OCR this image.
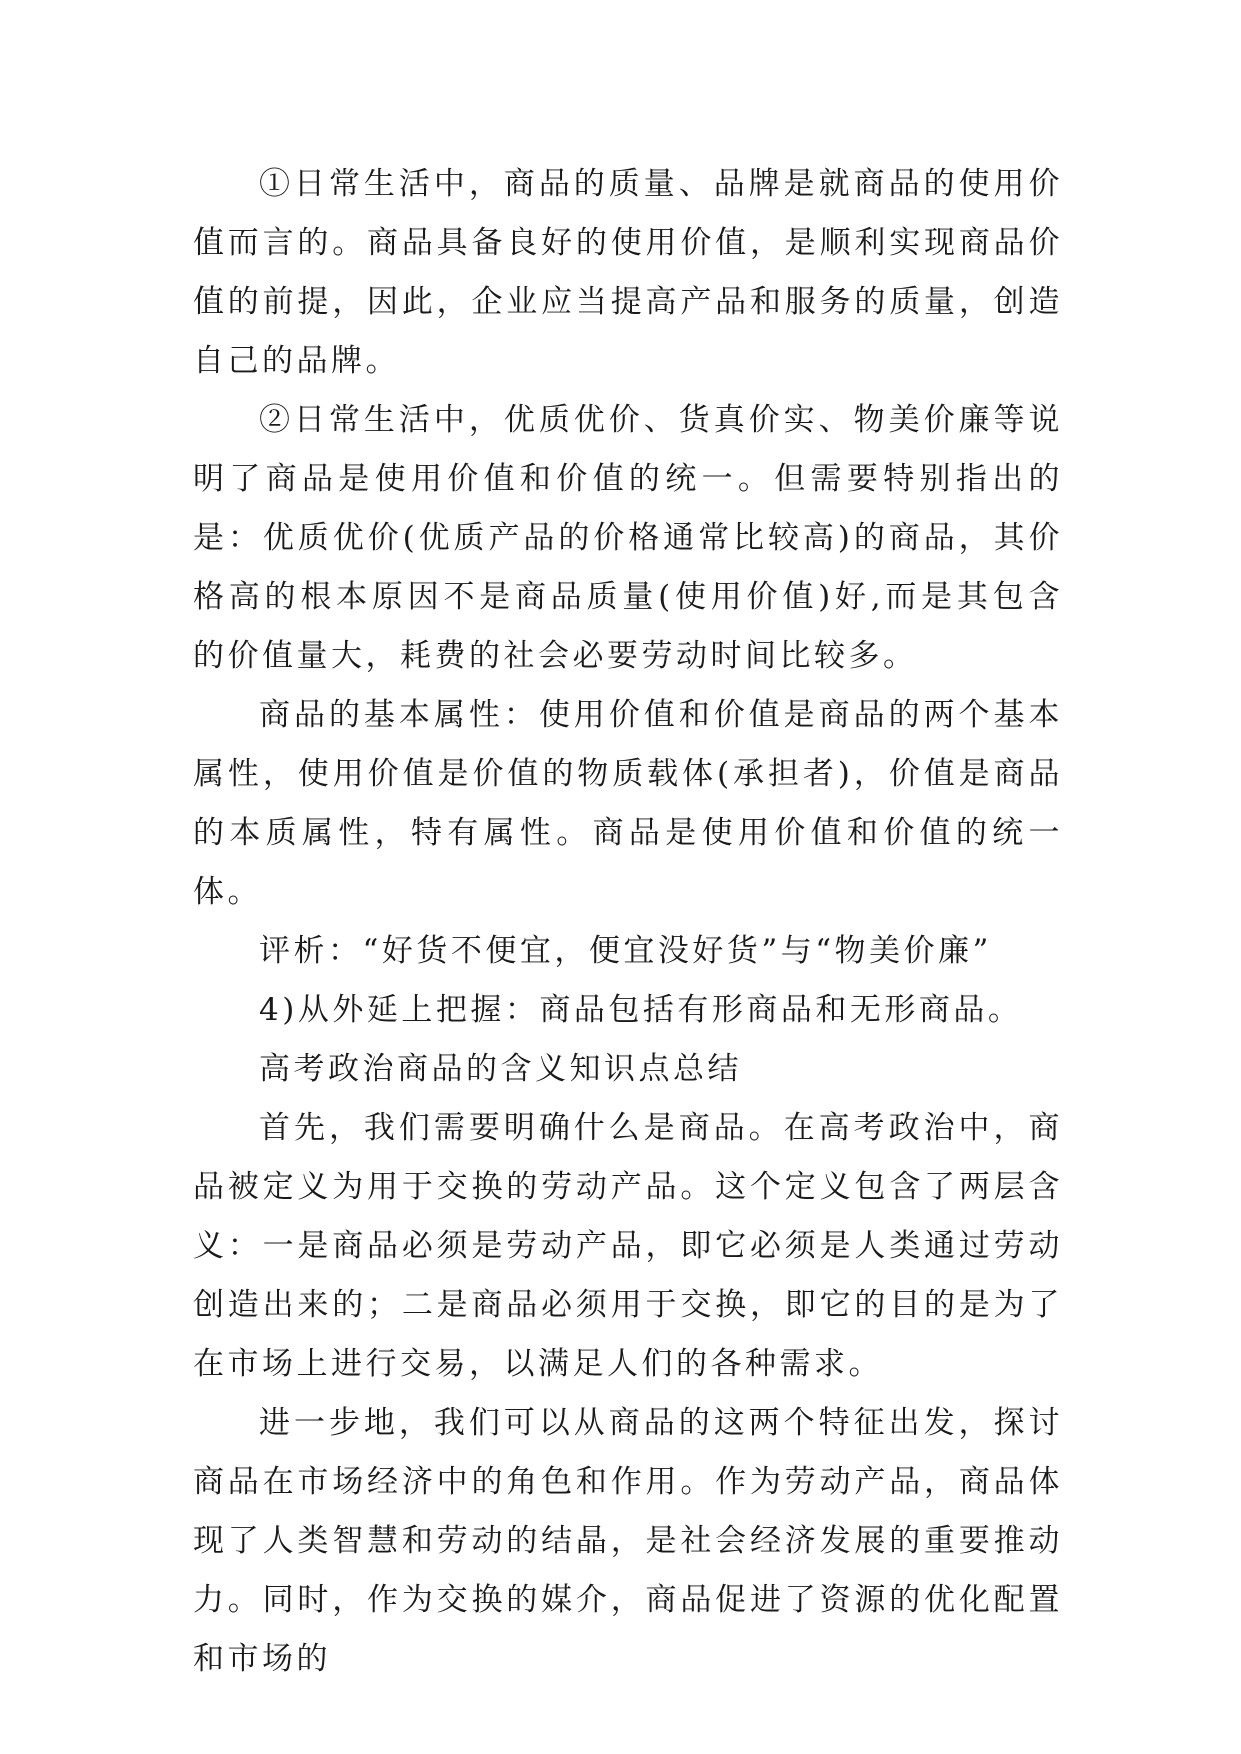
①日常生活中，商品的质量、品牌是就商品的使用价值而言的。商品具备良好的使用价值，是顺利实现商品价值的前提，因此，企业应当提高产品和服务的质量，创造自己的品牌。

②日常生活中，优质优价、货真价实、物美价廉等说明了商品是使用价值和价值的统一。但需要特别指出的是：优质优价(优质产品的价格通常比较高)的商品，其价格高的根本原因不是商品质量(使用价值)好,而是其包含的价值量大，耗费的社会必要劳动时间比较多。

商品的基本属性：使用价值和价值是商品的两个基本属性，使用价值是价值的物质载体(承担者)，价值是商品的本质属性，特有属性。商品是使用价值和价值的统一体。

评析：“好货不便宜，便宜没好货”与“物美价廉”

4)从外延上把握：商品包括有形商品和无形商品。

高考政治商品的含义知识点总结

首先，我们需要明确什么是商品。在高考政治中，商品被定义为用于交换的劳动产品。这个定义包含了两层含义：一是商品必须是劳动产品，即它必须是人类通过劳动创造出来的；二是商品必须用于交换，即它的目的是为了在市场上进行交易，以满足人们的各种需求。

进一步地，我们可以从商品的这两个特征出发，探讨商品在市场经济中的角色和作用。作为劳动产品，商品体现了人类智慧和劳动的结晶，是社会经济发展的重要推动力。同时，作为交换的媒介，商品促进了资源的优化配置和市场的
